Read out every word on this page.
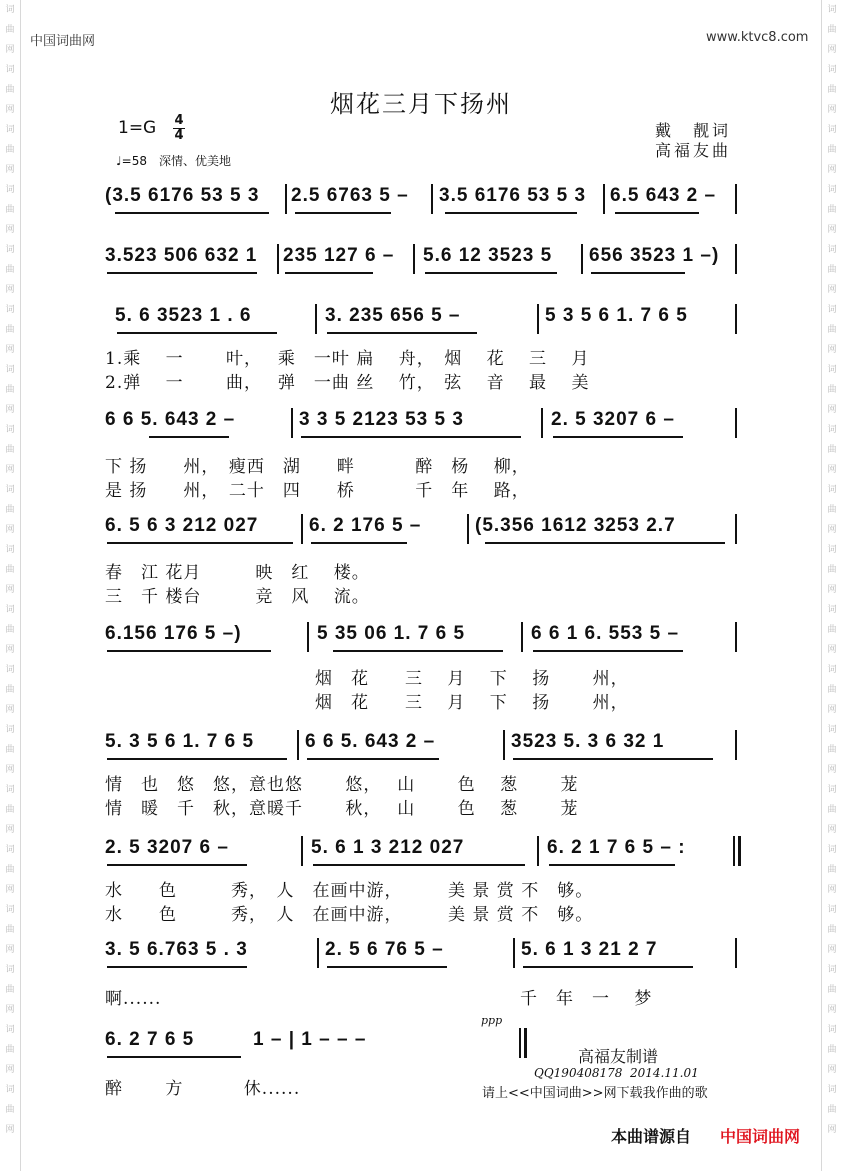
词
曲
网
词
曲
网
词
曲
网
词
曲
网
词
曲
网
词
曲
网
词
曲
网
词
曲
网
词
曲
网
词
曲
网
词
曲
网
词
曲
网
词
曲
网
词
曲
网
词
曲
网
词
曲
网
词
曲
网
词
曲
网
词
曲
网
词
曲
网
词
曲
网
词
曲
网
词
曲
网
词
曲
网
词
曲
网
词
曲
网
词
曲
网
词
曲
网
词
曲
网
词
曲
网
词
曲
网
词
曲
网
词
曲
网
词
曲
网
词
曲
网
词
曲
网
词
曲
网
词
曲
网
中国词曲网	www.ktvc8.com
烟花三月下扬州
1=G 4
4
♩=58　深情、优美地
戴　靓词
高福友曲
(3.5 6176 53 5 3 2.5 6763 5 – 3.5 6176 53 5 3 6.5 643 2 –
3.523 506 632 1 235 127 6 – 5.6 12 3523 5 656 3523 1 –)
5. 6 3523 1 . 6	3. 235 656 5 –	5 3 5 6 1. 7 6 5
1.乘　 一　　 叶，　 乘　一叶 扁　 舟，　烟　 花　 三　 月
2.弹　 一　　 曲，　 弹　一曲 丝　 竹，　弦　 音　 最　 美
6 6 5. 643 2 –	3 3 5 2123 53 5 3	2. 5 3207 6 –
下 扬　　州，　瘦西　湖　　畔　　　 醉　杨　 柳，
是 扬　　州，　二十　四　　桥　　　 千　年　 路，
6. 5 6 3 212 027	6. 2 176 5 –	(5.356 1612 3253 2.7
春　江 花月　　　映　红　 楼。
三　千 楼台　　　竞　风　 流。
6.156 176 5 –)	5 35 06 1. 7 6 5	6 6 1 6. 553 5 –
烟　花　　三　 月　 下　 扬　　 州，
烟　花　　三　 月　 下　 扬　　 州，
5. 3 5 6 1. 7 6 5	6 6 5. 643 2 –	3523 5. 3 6 32 1
情　也　悠　悠，意也悠　　 悠，　 山　　 色　 葱　　 茏
情　暖　千　秋，意暖千　　 秋，　 山　　 色　 葱　　 茏
2. 5 3207 6 –	5. 6 1 3 212 027	6. 2 1 7 6 5 – :
水　　色　　　秀，　人　在画中游，　　　美 景 赏 不　够。
水　　色　　　秀，　人　在画中游，　　　美 景 赏 不　够。
3. 5 6.763 5 . 3	2. 5 6 76 5 –	5. 6 1 3 21 2 7
啊......	千　年　一　 梦
6. 2 7 6 5	1 – | 1 – – –
ppp
醉　　 方　　　 休......
高福友制谱
QQ190408178  2014.11.01
请上<<中国词曲>>网下载我作曲的歌
本曲谱源自 中国词曲网
